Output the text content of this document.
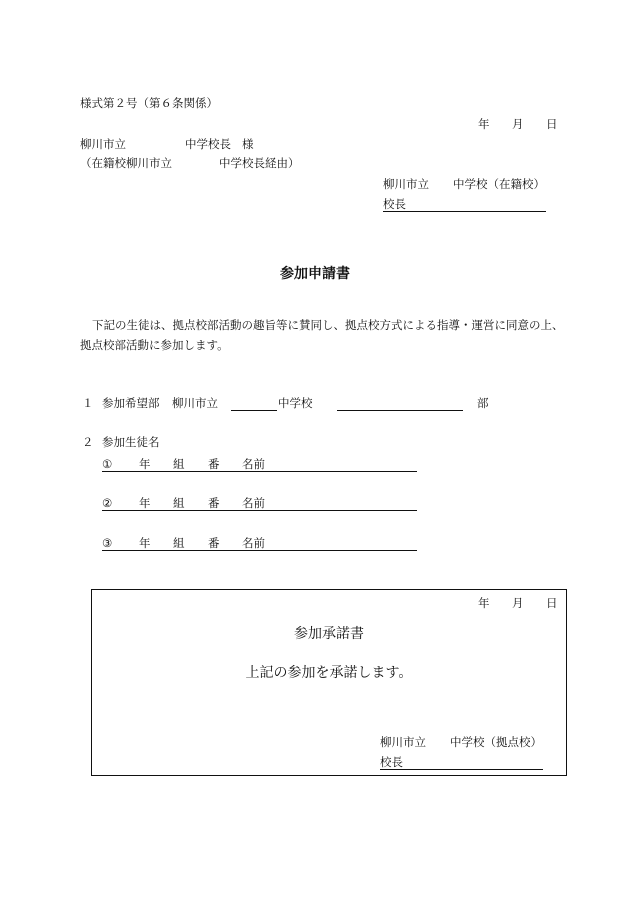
様式第２号（第６条関係）
年 月 日
柳川市立	中学校長 様
（在籍校柳川市立	中学校長経由）
柳川市立 中学校（在籍校）
校長
参加申請書
下記の生徒は、拠点校部活動の趣旨等に賛同し、拠点校方式による指導・運営に同意の上、
拠点校部活動に参加します。
１ 参加希望部 柳川市立	中学校	部
２ 参加生徒名
① 年 組 番 名前
② 年 組 番 名前
③ 年 組 番 名前
年 月 日
参加承諾書
上記の参加を承諾します。
柳川市立 中学校（拠点校）
校長
